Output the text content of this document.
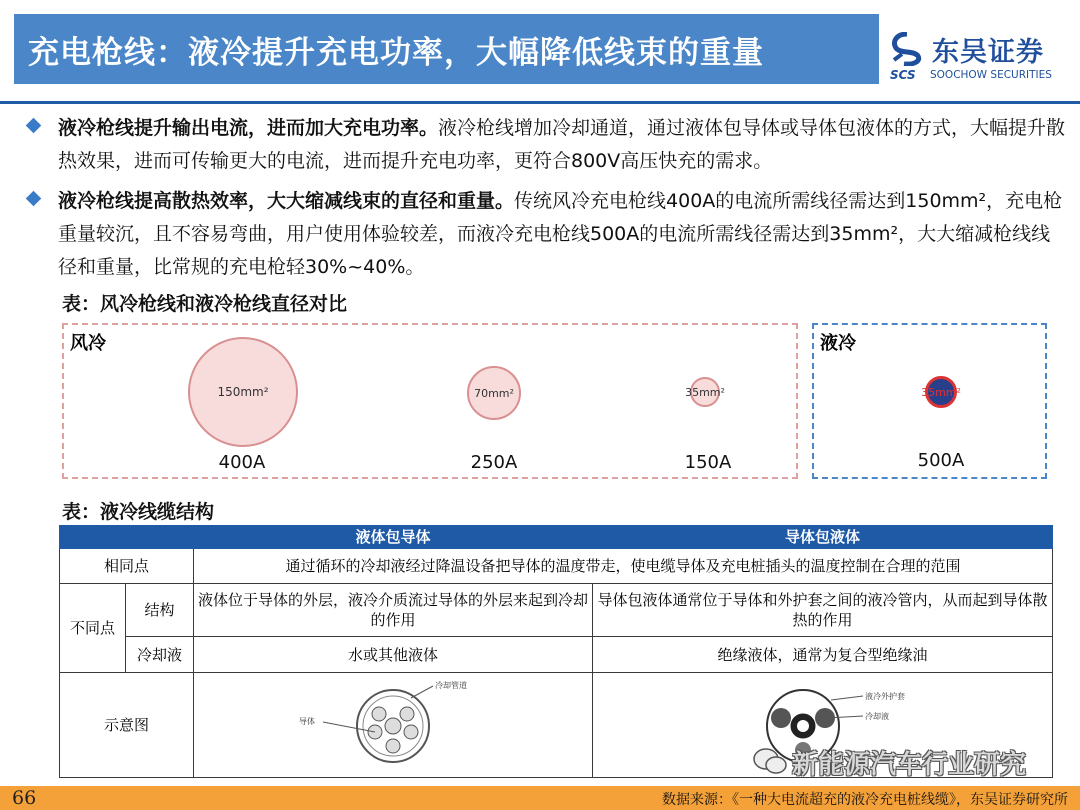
充电枪线：液冷提升充电功率，大幅降低线束的重量	东吴证券
SCS SOOCHOW SECURITIES
液冷枪线提升输出电流，进而加大充电功率。液冷枪线增加冷却通道，通过液体包导体或导体包液体的方式，大幅提升散热效果，进而可传输更大的电流，进而提升充电功率，更符合800V高压快充的需求。
液冷枪线提高散热效率，大大缩减线束的直径和重量。传统风冷充电枪线400A的电流所需线径需达到150mm²，充电枪重量较沉，且不容易弯曲，用户使用体验较差，而液冷充电枪线500A的电流所需线径需达到35mm²，大大缩减枪线线径和重量，比常规的充电枪轻30%~40%。
表：风冷枪线和液冷枪线直径对比
风冷
150mm²
400A
70mm²
250A
35mm²
150A
液冷
35mm²
500A
表：液冷线缆结构
		液体包导体	导体包液体
相同点		通过循环的冷却液经过降温设备把导体的温度带走，使电缆导体及充电桩插头的温度控制在合理的范围	
不同点	结构	液体位于导体的外层，液冷介质流过导体的外层来起到冷却的作用	导体包液体通常位于导体和外护套之间的液冷管内，从而起到导体散热的作用
	冷却液	水或其他液体	绝缘液体，通常为复合型绝缘油
示意图		冷却管道
导体	液冷外护套
冷却液
新能源汽车行业研究
66	数据来源：《一种大电流超充的液冷充电桩线缆》，东吴证券研究所
